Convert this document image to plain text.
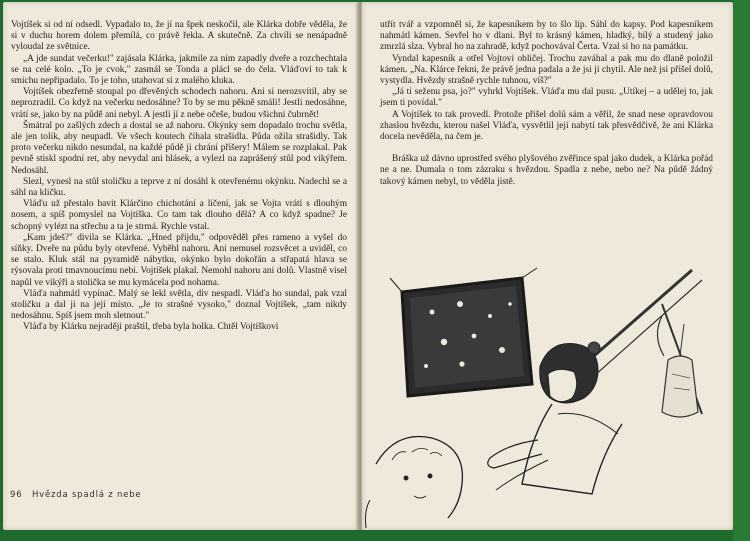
Vojtíšek si od ní odsedl. Vypadalo to, že jí na špek neskočil, ale Klárka dobře věděla, že si v duchu horem dolem přemílá, co právě řekla. A skutečně. Za chvíli se nenápadně vyloudal ze světnice.

„A jde sundat večerku!" zajásala Klárka, jakmile za ním zapadly dveře a rozchechtala se na celé kolo. „To je cvok," zasmál se Tonda a plácl se do čela. Vláďovi to tak k smíchu nepřipadalo. To je toho, utahovat si z malého kluka.

Vojtíšek obezřetně stoupal po dřevěných schodech nahoru. Ani si nerozsvítil, aby se neprozradil. Co když na večerku nedosáhne? To by se mu pěkně smáli! Jestli nedosáhne, vrátí se, jako by na půdě ani nebyl. A jestli jí z nebe očeše, budou všichni čubrnět!

Šmátral po zašlých zdech a dostal se až nahoru. Okýnky sem dopadalo trochu světla, ale jen tolik, aby neupadl. Ve všech koutech číhala strašidla. Půda ožila strašidly. Tak proto večerku nikdo nesundal, na každé půdě ji chrání příšery! Málem se rozplakal. Pak pevně stiskl spodní ret, aby nevydal ani hlásek, a vylezl na zaprášený stůl pod vikýřem. Nedosáhl.

Slezl, vynesl na stůl stoličku a teprve z ní dosáhl k otevřenému okýnku. Nadechl se a sáhl na kličku.

Vláďu už přestalo bavit Klárčino chichotání a líčení, jak se Vojta vrátí s dlouhým nosem, a spíš pomyslel na Vojtíška. Co tam tak dlouho dělá? A co když spadne? Je schopný vylézt na střechu a ta je strmá. Rychle vstal.

„Kam jdeš?" divila se Klárka. „Hned přijdu," odpověděl přes rameno a vyšel do síňky. Dveře na půdu byly otevřené. Vyběhl nahoru. Ani nemusel rozsvěcet a uviděl, co se stalo. Kluk stál na pyramidě nábytku, okýnko bylo dokořán a střapatá hlava se rýsovala proti tmavnoucímu nebi. Vojtíšek plakal. Nemohl nahoru ani dolů. Vlastně visel napůl ve vikýři a stolička se mu kymácela pod nohama.

Vláďa nahmátl vypínač. Malý se lekl světla, div nespadl. Vláďa ho sundal, pak vzal stoličku a dal ji na její místo. „Je to strašné vysoko," doznal Vojtíšek, „tam nikdy nedosáhnu. Spíš jsem moh sletnout."

Vláďa by Klárku nejraději praštil, třeba byla holka. Chtěl Vojtíškovi

96 Hvězda spadlá z nebe

utřít tvář a vzpomněl si, že kapesníkem by to šlo líp. Sáhl do kapsy. Pod kapesníkem nahmátl kámen. Sevřel ho v dlani. Byl to krásný kámen, hladký, bílý a studený jako zmrzlá slza. Vybral ho na zahradě, když pochovával Čerta. Vzal si ho na památku.

Vyndal kapesník a otřel Vojtovi obličej. Trochu zaváhal a pak mu do dlaně položil kámen. „Na. Klárce řekni, že právě jedna padala a že jsi ji chytil. Ale než jsi přišel dolů, vystydla. Hvězdy strašně rychle tuhnou, víš?"

„Já ti seženu psa, jo?" vyhrkl Vojtíšek. Vláďa mu dal pusu. „Utíkej – a udělej to, jak jsem ti povídal."

A Vojtíšek to tak provedl. Protože přišel dolů sám a věřil, že snad nese opravdovou zhaslou hvězdu, kterou našel Vláďa, vysvětlil její nabytí tak přesvědčivě, že ani Klárka docela nevěděla, na čem je.

Bráška už dávno uprostřed svého plyšového zvěřince spal jako dudek, a Klárka pořád ne a ne. Dumala o tom zázraku s hvězdou. Spadla z nebe, nebo ne? Na půdě žádný takový kámen nebyl, to věděla jistě.
